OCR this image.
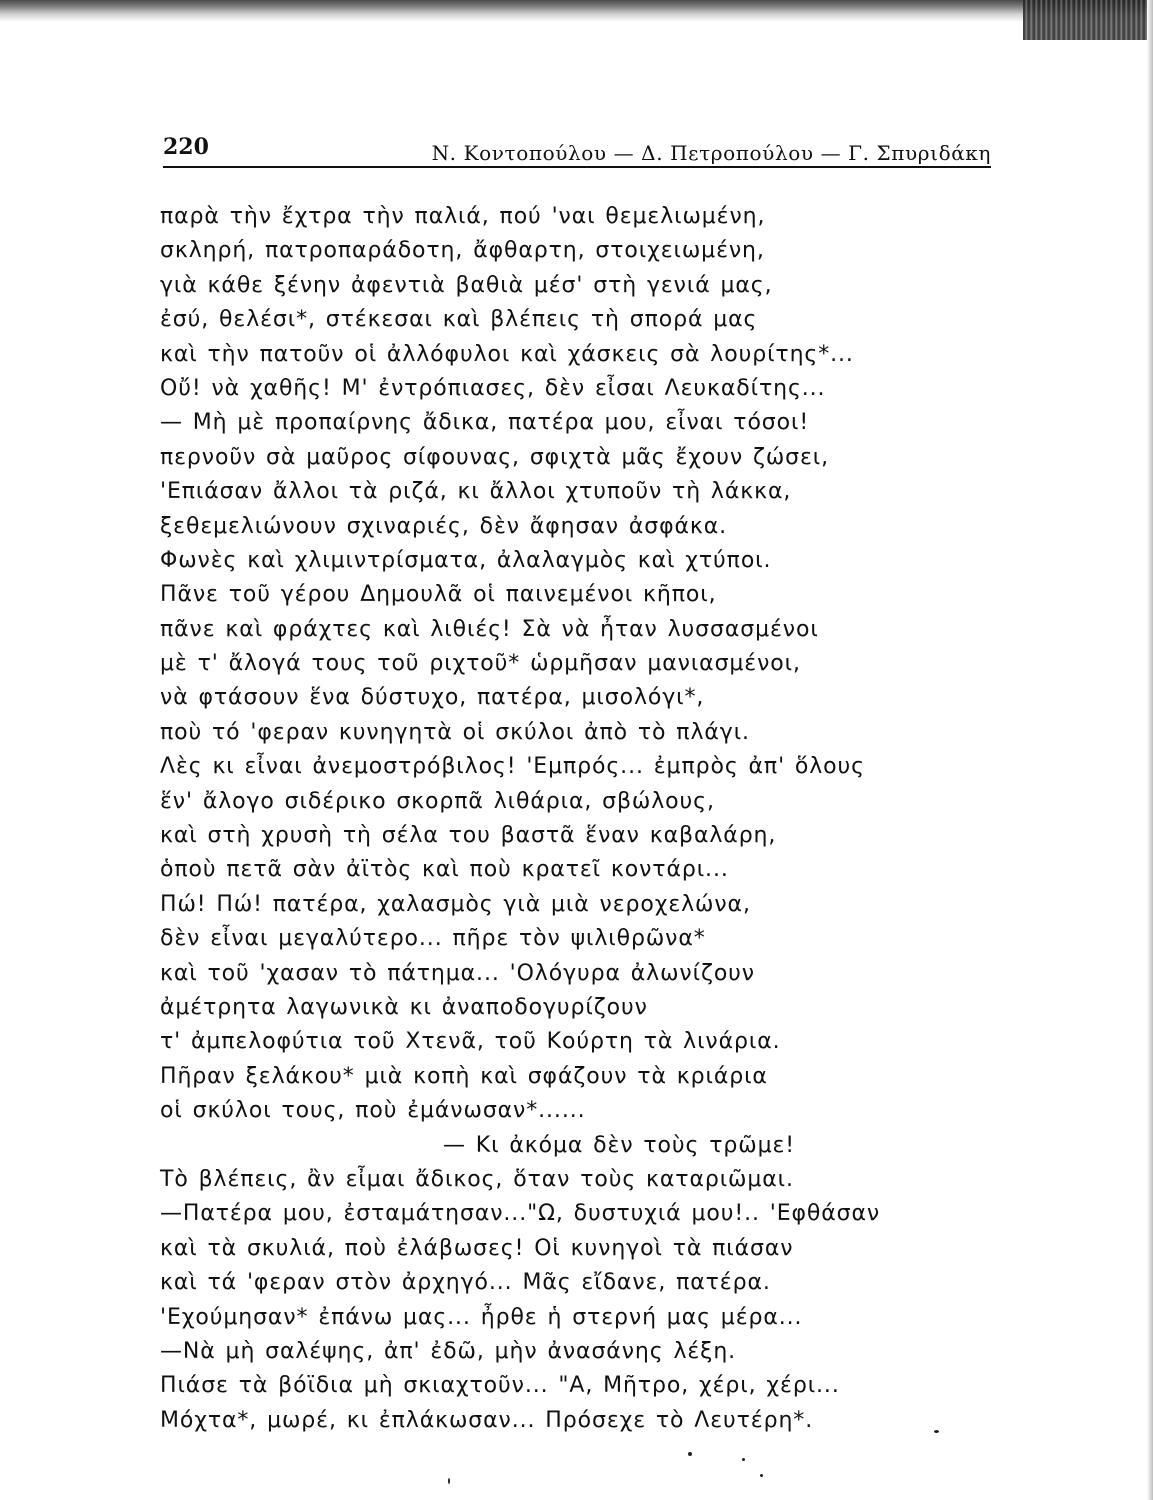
220	Ν. Κοντοπούλου — Δ. Πετροπούλου — Γ. Σπυριδάκη
παρὰ τὴν ἔχτρα τὴν παλιά, πού 'ναι θεμελιωμένη,
σκληρή, πατροπαράδοτη, ἄφθαρτη, στοιχειωμένη,
γιὰ κάθε ξένην ἀφεντιὰ βαθιὰ μέσ' στὴ γενιά μας,
ἐσύ, θελέσι*, στέκεσαι καὶ βλέπεις τὴ σπορά μας
καὶ τὴν πατοῦν οἱ ἀλλόφυλοι καὶ χάσκεις σὰ λουρίτης*...
Οὔ! νὰ χαθῆς! Μ' ἐντρόπιασες, δὲν εἶσαι Λευκαδίτης...
— Μὴ μὲ προπαίρνης ἄδικα, πατέρα μου, εἶναι τόσοι!
περνοῦν σὰ μαῦρος σίφουνας, σφιχτὰ μᾶς ἔχουν ζώσει,
'Επιάσαν ἄλλοι τὰ ριζά, κι ἄλλοι χτυποῦν τὴ λάκκα,
ξεθεμελιώνουν σχιναριές, δὲν ἄφησαν ἀσφάκα.
Φωνὲς καὶ χλιμιντρίσματα, ἀλαλαγμὸς καὶ χτύποι.
Πᾶνε τοῦ γέρου Δημουλᾶ οἱ παινεμένοι κῆποι,
πᾶνε καὶ φράχτες καὶ λιθιές! Σὰ νὰ ἦταν λυσσασμένοι
μὲ τ' ἄλογά τους τοῦ ριχτοῦ* ὡρμῆσαν μανιασμένοι,
νὰ φτάσουν ἕνα δύστυχο, πατέρα, μισολόγι*,
ποὺ τό 'φεραν κυνηγητὰ οἱ σκύλοι ἀπὸ τὸ πλάγι.
Λὲς κι εἶναι ἀνεμοστρόβιλος! 'Εμπρός... ἐμπρὸς ἀπ' ὅλους
ἕν' ἄλογο σιδέρικο σκορπᾶ λιθάρια, σβώλους,
καὶ στὴ χρυσὴ τὴ σέλα του βαστᾶ ἕναν καβαλάρη,
ὁποὺ πετᾶ σὰν ἀϊτὸς καὶ ποὺ κρατεῖ κοντάρι...
Πώ! Πώ! πατέρα, χαλασμὸς γιὰ μιὰ νεροχελώνα,
δὲν εἶναι μεγαλύτερο... πῆρε τὸν ψιλιθρῶνα*
καὶ τοῦ 'χασαν τὸ πάτημα... 'Ολόγυρα ἀλωνίζουν
ἀμέτρητα λαγωνικὰ κι ἀναποδογυρίζουν
τ' ἀμπελοφύτια τοῦ Χτενᾶ, τοῦ Κούρτη τὰ λινάρια.
Πῆραν ξελάκου* μιὰ κοπὴ καὶ σφάζουν τὰ κριάρια
οἱ σκύλοι τους, ποὺ ἐμάνωσαν*......
— Κι ἀκόμα δὲν τοὺς τρῶμε!
Τὸ βλέπεις, ἂν εἶμαι ἄδικος, ὅταν τοὺς καταριῶμαι.
—Πατέρα μου, ἐσταμάτησαν..."Ω, δυστυχιά μου!.. 'Εφθάσαν
καὶ τὰ σκυλιά, ποὺ ἐλάβωσες! Οἱ κυνηγοὶ τὰ πιάσαν
καὶ τά 'φεραν στὸν ἀρχηγό... Μᾶς εἴδανε, πατέρα.
'Εχούμησαν* ἐπάνω μας... ἦρθε ἡ στερνή μας μέρα...
—Νὰ μὴ σαλέψης, ἀπ' ἐδῶ, μὴν ἀνασάνης λέξη.
Πιάσε τὰ βόϊδια μὴ σκιαχτοῦν... "Α, Μῆτρο, χέρι, χέρι...
Μόχτα*, μωρέ, κι ἐπλάκωσαν... Πρόσεχε τὸ Λευτέρη*.
